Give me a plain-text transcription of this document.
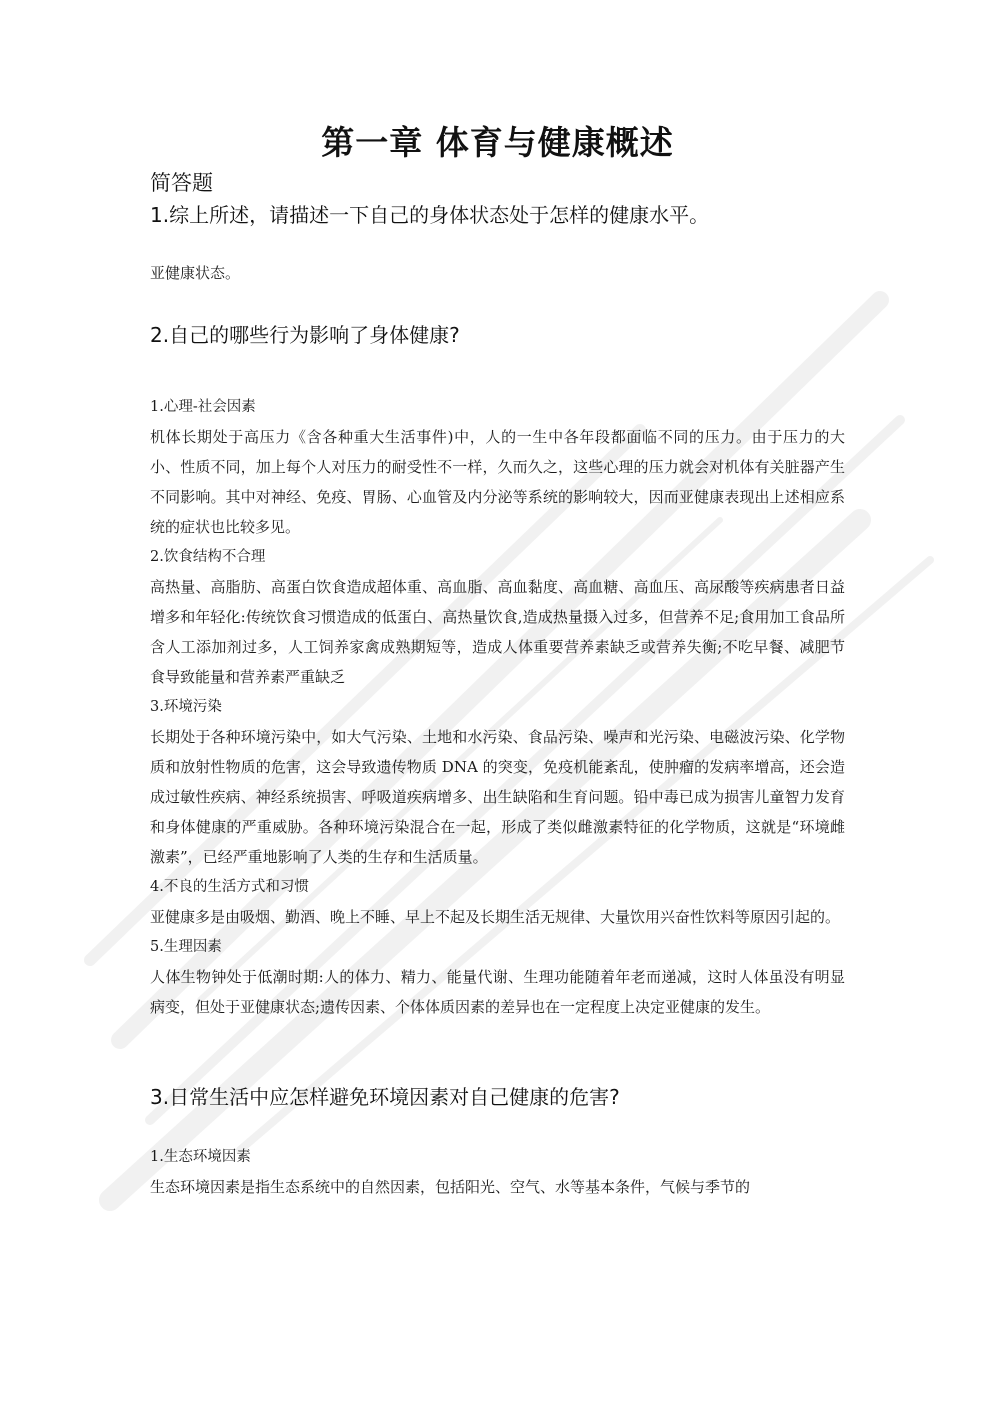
第一章 体育与健康概述
简答题
1.综上所述，请描述一下自己的身体状态处于怎样的健康水平。

亚健康状态。

2.自己的哪些行为影响了身体健康?

1.心理-社会因素

机体长期处于高压力《含各种重大生活事件)中，人的一生中各年段都面临不同的压力。由于压力的大小、性质不同，加上每个人对压力的耐受性不一样，久而久之，这些心理的压力就会对机体有关脏器产生不同影响。其中对神经、免疫、胃肠、心血管及内分泌等系统的影响较大，因而亚健康表现出上述相应系统的症状也比较多见。

2.饮食结构不合理

高热量、高脂肪、高蛋白饮食造成超体重、高血脂、高血黏度、高血糖、高血压、高尿酸等疾病患者日益增多和年轻化:传统饮食习惯造成的低蛋白、高热量饮食,造成热量摄入过多，但营养不足;食用加工食品所含人工添加剂过多，人工饲养家禽成熟期短等，造成人体重要营养素缺乏或营养失衡;不吃早餐、减肥节食导致能量和营养素严重缺乏

3.环境污染

长期处于各种环境污染中，如大气污染、土地和水污染、食品污染、噪声和光污染、电磁波污染、化学物质和放射性物质的危害，这会导致遗传物质 DNA 的突变，免疫机能紊乱，使肿瘤的发病率增高，还会造成过敏性疾病、神经系统损害、呼吸道疾病增多、出生缺陷和生育问题。铅中毒已成为损害儿童智力发育和身体健康的严重威胁。各种环境污染混合在一起，形成了类似雌激素特征的化学物质，这就是“环境雌激素”，已经严重地影响了人类的生存和生活质量。

4.不良的生活方式和习惯

亚健康多是由吸烟、勤酒、晚上不睡、早上不起及长期生活无规律、大量饮用兴奋性饮料等原因引起的。

5.生理因素

人体生物钟处于低潮时期:人的体力、精力、能量代谢、生理功能随着年老而递减，这时人体虽没有明显病变，但处于亚健康状态;遗传因素、个体体质因素的差异也在一定程度上决定亚健康的发生。

3.日常生活中应怎样避免环境因素对自己健康的危害?

1.生态环境因素

生态环境因素是指生态系统中的自然因素，包括阳光、空气、水等基本条件，气候与季节的
